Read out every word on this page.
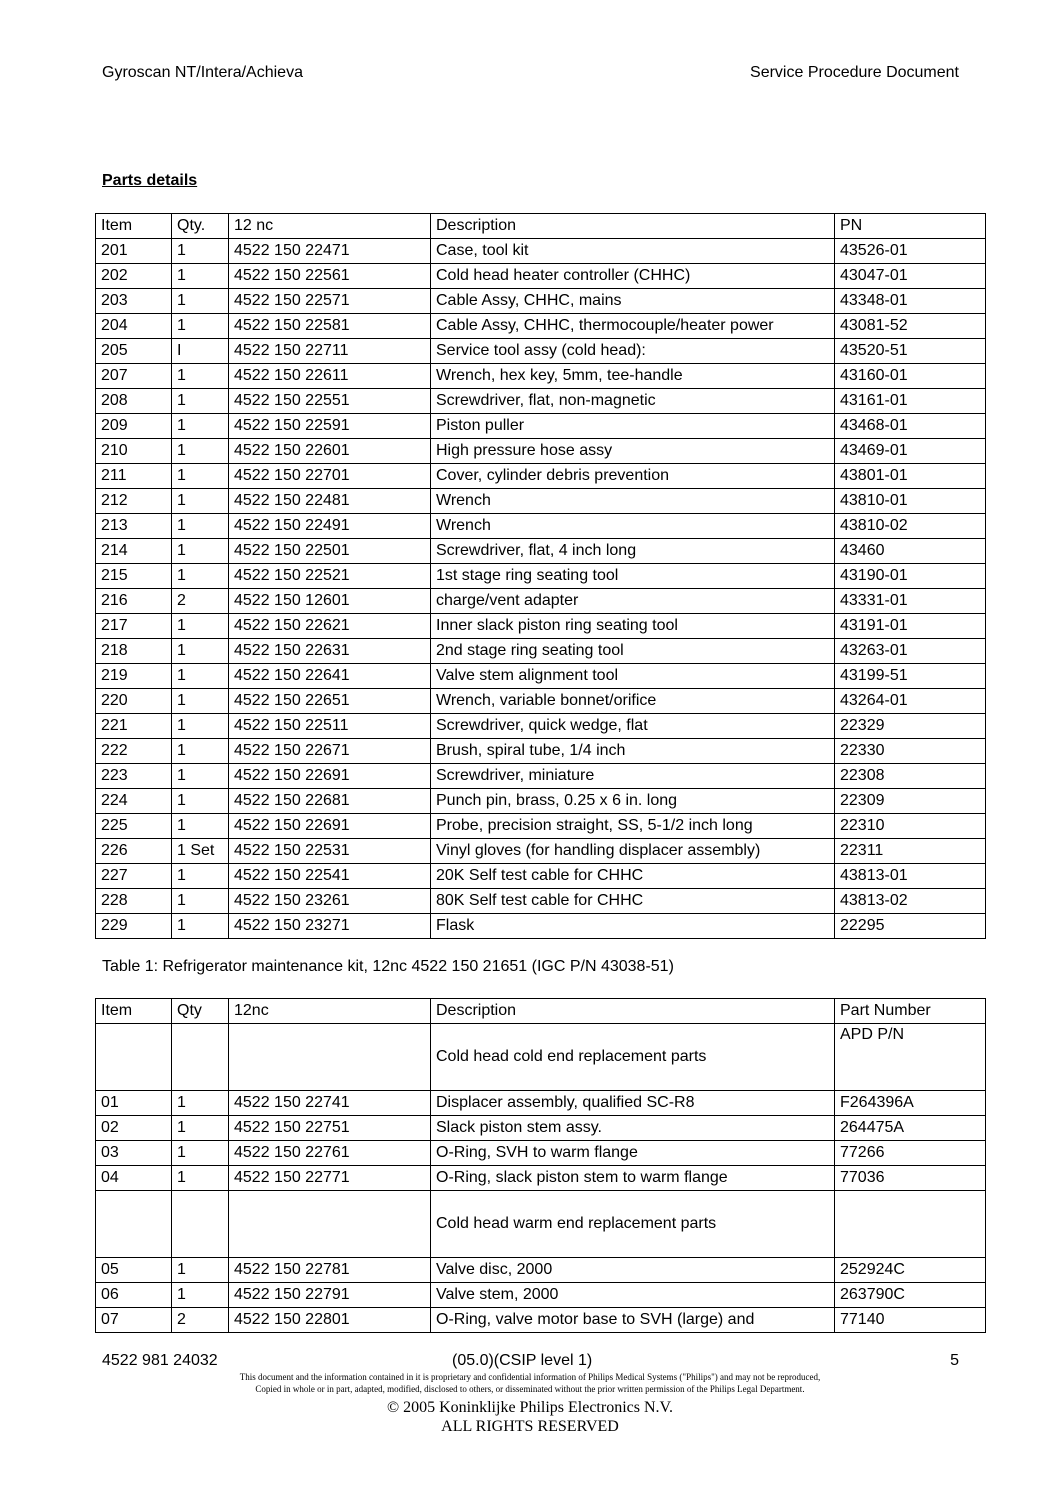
Gyroscan NT/Intera/Achieva	Service Procedure Document
Parts details
Item	Qty.	12 nc	Description	PN
201	1	4522 150 22471	Case, tool kit	43526-01
202	1	4522 150 22561	Cold head heater controller (CHHC)	43047-01
203	1	4522 150 22571	Cable Assy, CHHC, mains	43348-01
204	1	4522 150 22581	Cable Assy, CHHC, thermocouple/heater power	43081-52
205	I	4522 150 22711	Service tool assy (cold head):	43520-51
207	1	4522 150 22611	Wrench, hex key, 5mm, tee-handle	43160-01
208	1	4522 150 22551	Screwdriver, flat, non-magnetic	43161-01
209	1	4522 150 22591	Piston puller	43468-01
210	1	4522 150 22601	High pressure hose assy	43469-01
211	1	4522 150 22701	Cover, cylinder debris prevention	43801-01
212	1	4522 150 22481	Wrench	43810-01
213	1	4522 150 22491	Wrench	43810-02
214	1	4522 150 22501	Screwdriver, flat, 4 inch long	43460
215	1	4522 150 22521	1st stage ring seating tool	43190-01
216	2	4522 150 12601	charge/vent adapter	43331-01
217	1	4522 150 22621	Inner slack piston ring seating tool	43191-01
218	1	4522 150 22631	2nd stage ring seating tool	43263-01
219	1	4522 150 22641	Valve stem alignment tool	43199-51
220	1	4522 150 22651	Wrench, variable bonnet/orifice	43264-01
221	1	4522 150 22511	Screwdriver, quick wedge, flat	22329
222	1	4522 150 22671	Brush, spiral tube, 1/4 inch	22330
223	1	4522 150 22691	Screwdriver, miniature	22308
224	1	4522 150 22681	Punch pin, brass, 0.25 x 6 in. long	22309
225	1	4522 150 22691	Probe, precision straight, SS, 5-1/2 inch long	22310
226	1 Set	4522 150 22531	Vinyl gloves (for handling displacer assembly)	22311
227	1	4522 150 22541	20K Self test cable for CHHC	43813-01
228	1	4522 150 23261	80K Self test cable for CHHC	43813-02
229	1	4522 150 23271	Flask	22295
Table 1: Refrigerator maintenance kit, 12nc 4522 150 21651 (IGC P/N 43038-51)
Item	Qty	12nc	Description	Part Number
			Cold head cold end replacement parts	APD P/N
01	1	4522 150 22741	Displacer assembly, qualified SC-R8	F264396A
02	1	4522 150 22751	Slack piston stem assy.	264475A
03	1	4522 150 22761	O-Ring, SVH to warm flange	77266
04	1	4522 150 22771	O-Ring, slack piston stem to warm flange	77036
			Cold head warm end replacement parts	
05	1	4522 150 22781	Valve disc, 2000	252924C
06	1	4522 150 22791	Valve stem, 2000	263790C
07	2	4522 150 22801	O-Ring, valve motor base to SVH (large) and	77140
4522 981 24032	(05.0)(CSIP level 1)	5
This document and the information contained in it is proprietary and confidential information of Philips Medical Systems ("Philips") and may not be reproduced,
Copied in whole or in part, adapted, modified, disclosed to others, or disseminated without the prior written permission of the Philips Legal Department.
© 2005 Koninklijke Philips Electronics N.V.
ALL RIGHTS RESERVED
